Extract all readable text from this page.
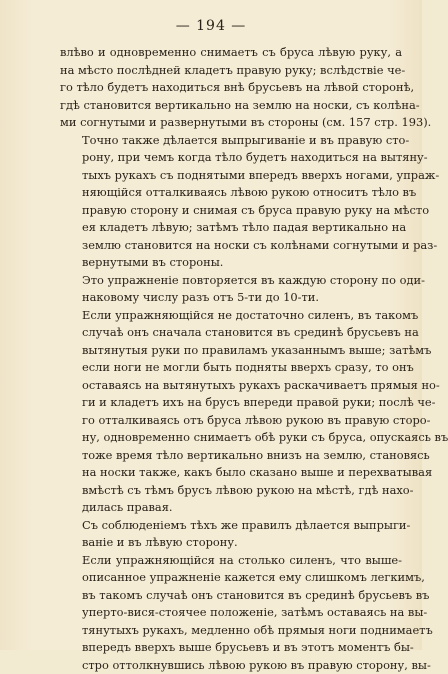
— 194 —
влѣво и одновременно снимаетъ съ бруса лѣвую руку, а
на мѣсто послѣдней кладетъ правую руку; вслѣдствіе че-
го тѣло будетъ находиться внѣ брусьевъ на лѣвой сторонѣ,
гдѣ становится вертикально на землю на носки, съ колѣна-
ми согнутыми и развернутыми въ стороны (см. 157 стр. 193).
Точно также дѣлается выпрыгиваніе и въ правую сто-
рону, при чемъ когда тѣло будетъ находиться на вытяну-
тыхъ рукахъ съ поднятыми впередъ вверхъ ногами, упраж-
няющійся отталкиваясь лѣвою рукою относитъ тѣло въ
правую сторону и снимая съ бруса правую руку на мѣсто
ея кладетъ лѣвую; затѣмъ тѣло падая вертикально на
землю становится на носки съ колѣнами согнутыми и раз-
вернутыми въ стороны.
Это упражненіе повторяется въ каждую сторону по оди-
наковому числу разъ отъ 5-ти до 10-ти.
Если упражняющійся не достаточно силенъ, въ такомъ
случаѣ онъ сначала становится въ срединѣ брусьевъ на
вытянутыя руки по правиламъ указаннымъ выше; затѣмъ
если ноги не могли быть подняты вверхъ сразу, то онъ
оставаясь на вытянутыхъ рукахъ раскачиваетъ прямыя но-
ги и кладетъ ихъ на брусъ впереди правой руки; послѣ че-
го отталкиваясь отъ бруса лѣвою рукою въ правую сторо-
ну, одновременно снимаетъ обѣ руки съ бруса, опускаясь въ
тоже время тѣло вертикально внизъ на землю, становясь
на носки также, какъ было сказано выше и перехватывая
вмѣстѣ съ тѣмъ брусъ лѣвою рукою на мѣстѣ, гдѣ нахо-
дилась правая.
Съ соблюденіемъ тѣхъ же правилъ дѣлается выпрыги-
ваніе и въ лѣвую сторону.
Если упражняющійся на столько силенъ, что выше-
описанное упражненіе кажется ему слишкомъ легкимъ,
въ такомъ случаѣ онъ становится въ срединѣ брусьевъ въ
уперто-вися-стоячее положеніе, затѣмъ оставаясь на вы-
тянутыхъ рукахъ, медленно обѣ прямыя ноги поднимаетъ
впередъ вверхъ выше брусьевъ и въ этотъ моментъ бы-
стро оттолкнувшись лѣвою рукою въ правую сторону, вы-
